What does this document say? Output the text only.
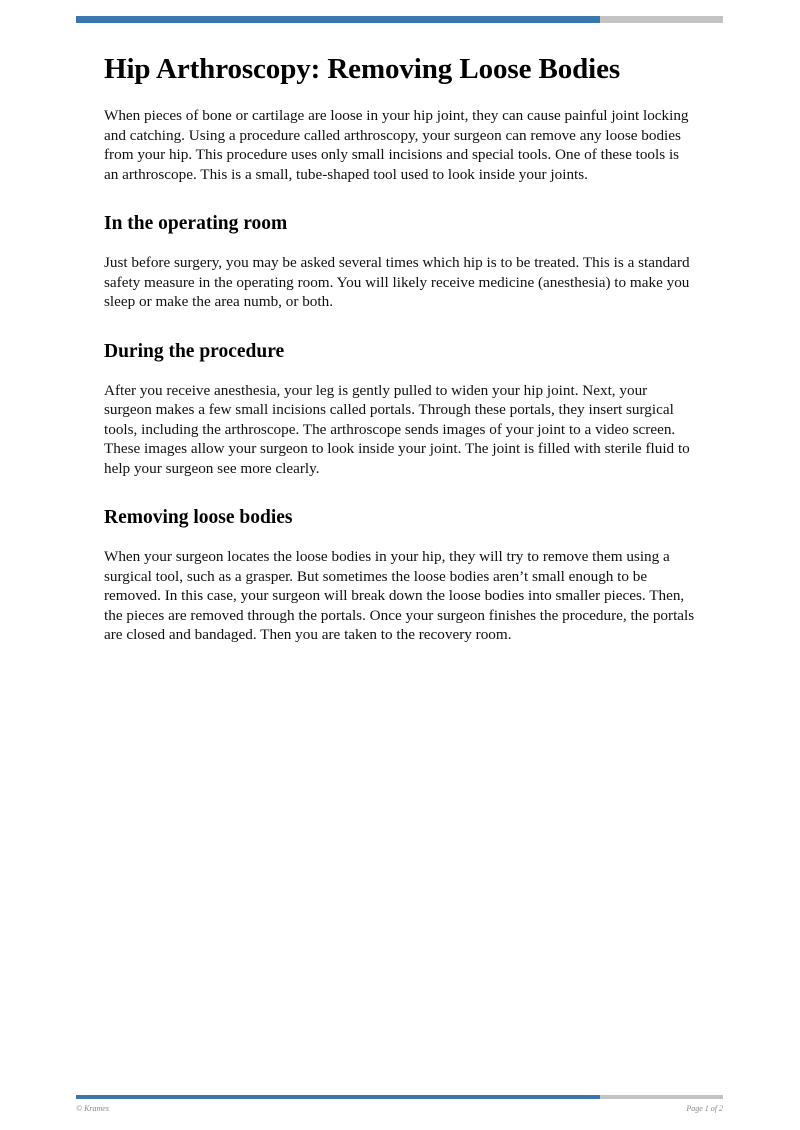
Hip Arthroscopy: Removing Loose Bodies

When pieces of bone or cartilage are loose in your hip joint, they can cause painful joint locking and catching. Using a procedure called arthroscopy, your surgeon can remove any loose bodies from your hip. This procedure uses only small incisions and special tools. One of these tools is an arthroscope. This is a small, tube-shaped tool used to look inside your joints.

In the operating room

Just before surgery, you may be asked several times which hip is to be treated. This is a standard safety measure in the operating room. You will likely receive medicine (anesthesia) to make you sleep or make the area numb, or both.

During the procedure

After you receive anesthesia, your leg is gently pulled to widen your hip joint. Next, your surgeon makes a few small incisions called portals. Through these portals, they insert surgical tools, including the arthroscope. The arthroscope sends images of your joint to a video screen. These images allow your surgeon to look inside your joint. The joint is filled with sterile fluid to help your surgeon see more clearly.

Removing loose bodies

When your surgeon locates the loose bodies in your hip, they will try to remove them using a surgical tool, such as a grasper. But sometimes the loose bodies aren’t small enough to be removed. In this case, your surgeon will break down the loose bodies into smaller pieces. Then, the pieces are removed through the portals. Once your surgeon finishes the procedure, the portals are closed and bandaged. Then you are taken to the recovery room.

© Krames	Page 1 of 2
